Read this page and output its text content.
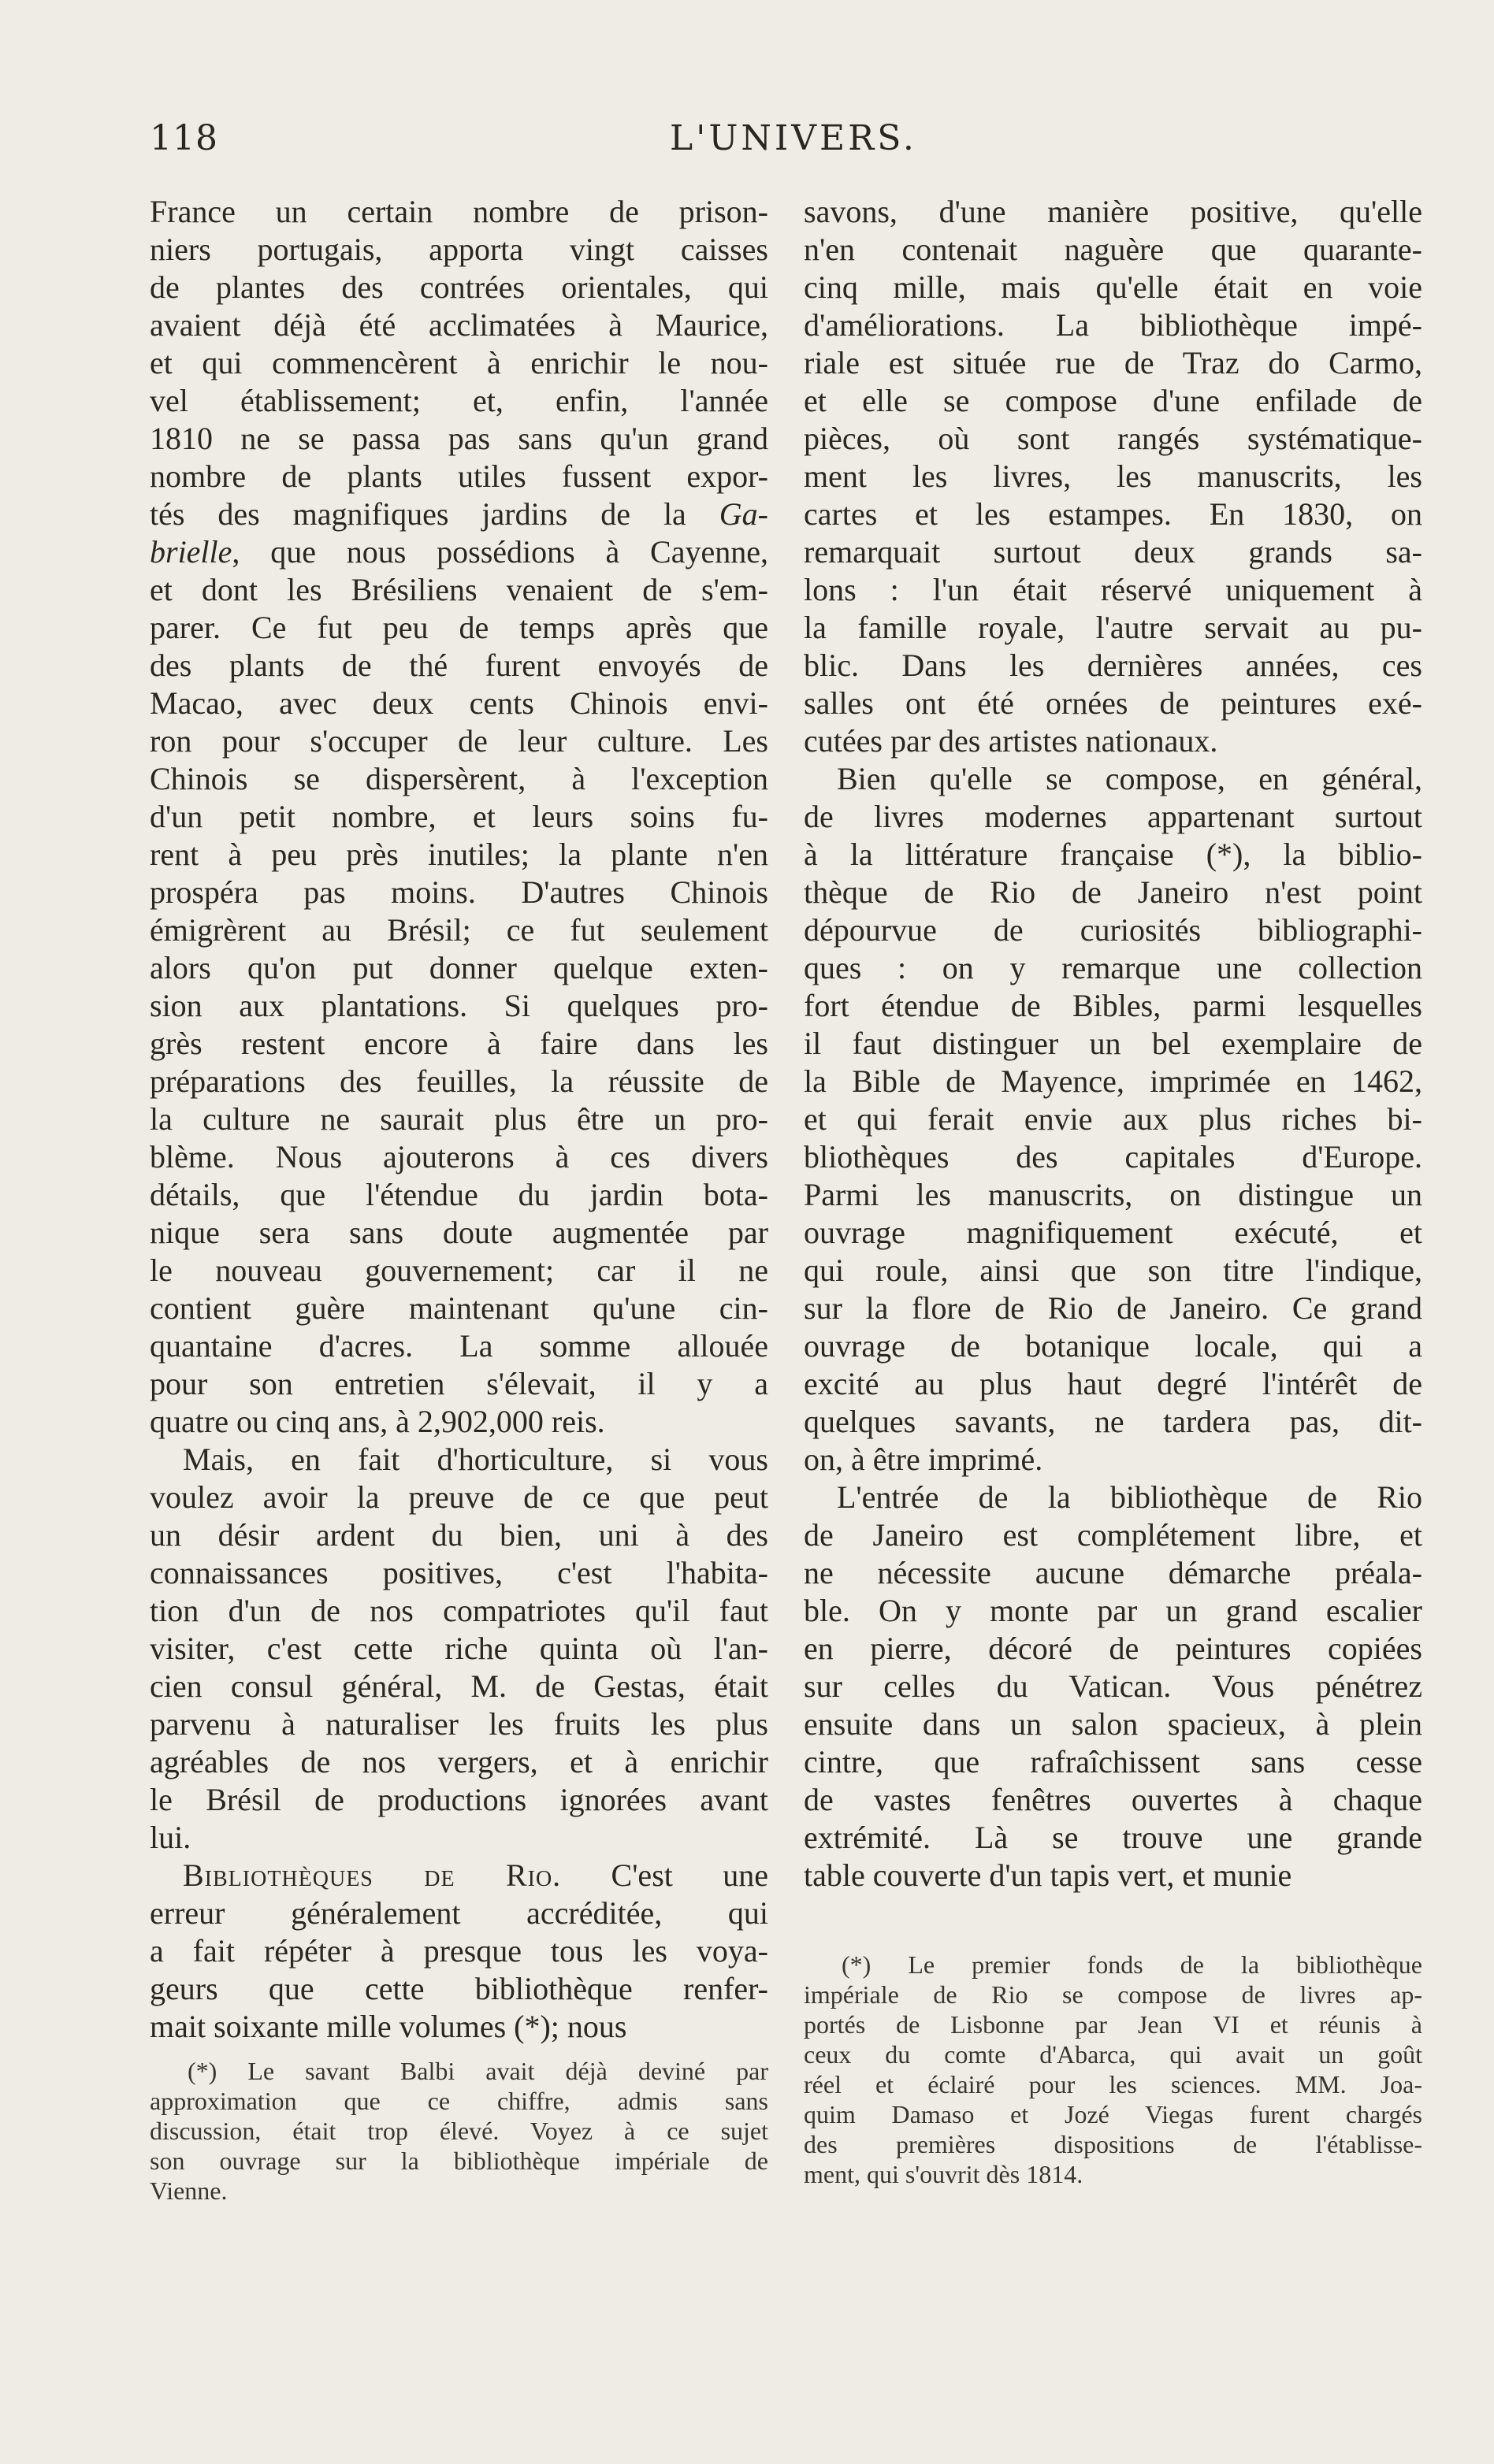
118	L'UNIVERS.
France un certain nombre de prison-
niers portugais, apporta vingt caisses
de plantes des contrées orientales, qui
avaient déjà été acclimatées à Maurice,
et qui commencèrent à enrichir le nou-
vel établissement; et, enfin, l'année
1810 ne se passa pas sans qu'un grand
nombre de plants utiles fussent expor-
tés des magnifiques jardins de la Ga-
brielle, que nous possédions à Cayenne,
et dont les Brésiliens venaient de s'em-
parer. Ce fut peu de temps après que
des plants de thé furent envoyés de
Macao, avec deux cents Chinois envi-
ron pour s'occuper de leur culture. Les
Chinois se dispersèrent, à l'exception
d'un petit nombre, et leurs soins fu-
rent à peu près inutiles; la plante n'en
prospéra pas moins. D'autres Chinois
émigrèrent au Brésil; ce fut seulement
alors qu'on put donner quelque exten-
sion aux plantations. Si quelques pro-
grès restent encore à faire dans les
préparations des feuilles, la réussite de
la culture ne saurait plus être un pro-
blème. Nous ajouterons à ces divers
détails, que l'étendue du jardin bota-
nique sera sans doute augmentée par
le nouveau gouvernement; car il ne
contient guère maintenant qu'une cin-
quantaine d'acres. La somme allouée
pour son entretien s'élevait, il y a
quatre ou cinq ans, à 2,902,000 reis.
Mais, en fait d'horticulture, si vous
voulez avoir la preuve de ce que peut
un désir ardent du bien, uni à des
connaissances positives, c'est l'habita-
tion d'un de nos compatriotes qu'il faut
visiter, c'est cette riche quinta où l'an-
cien consul général, M. de Gestas, était
parvenu à naturaliser les fruits les plus
agréables de nos vergers, et à enrichir
le Brésil de productions ignorées avant
lui.
Bibliothèques de Rio. C'est une
erreur généralement accréditée, qui
a fait répéter à presque tous les voya-
geurs que cette bibliothèque renfer-
mait soixante mille volumes (*); nous
savons, d'une manière positive, qu'elle
n'en contenait naguère que quarante-
cinq mille, mais qu'elle était en voie
d'améliorations. La bibliothèque impé-
riale est située rue de Traz do Carmo,
et elle se compose d'une enfilade de
pièces, où sont rangés systématique-
ment les livres, les manuscrits, les
cartes et les estampes. En 1830, on
remarquait surtout deux grands sa-
lons : l'un était réservé uniquement à
la famille royale, l'autre servait au pu-
blic. Dans les dernières années, ces
salles ont été ornées de peintures exé-
cutées par des artistes nationaux.
Bien qu'elle se compose, en général,
de livres modernes appartenant surtout
à la littérature française (*), la biblio-
thèque de Rio de Janeiro n'est point
dépourvue de curiosités bibliographi-
ques : on y remarque une collection
fort étendue de Bibles, parmi lesquelles
il faut distinguer un bel exemplaire de
la Bible de Mayence, imprimée en 1462,
et qui ferait envie aux plus riches bi-
bliothèques des capitales d'Europe.
Parmi les manuscrits, on distingue un
ouvrage magnifiquement exécuté, et
qui roule, ainsi que son titre l'indique,
sur la flore de Rio de Janeiro. Ce grand
ouvrage de botanique locale, qui a
excité au plus haut degré l'intérêt de
quelques savants, ne tardera pas, dit-
on, à être imprimé.
L'entrée de la bibliothèque de Rio
de Janeiro est complétement libre, et
ne nécessite aucune démarche préala-
ble. On y monte par un grand escalier
en pierre, décoré de peintures copiées
sur celles du Vatican. Vous pénétrez
ensuite dans un salon spacieux, à plein
cintre, que rafraîchissent sans cesse
de vastes fenêtres ouvertes à chaque
extrémité. Là se trouve une grande
table couverte d'un tapis vert, et munie
(*) Le savant Balbi avait déjà deviné par
approximation que ce chiffre, admis sans
discussion, était trop élevé. Voyez à ce sujet
son ouvrage sur la bibliothèque impériale de
Vienne.
(*) Le premier fonds de la bibliothèque
impériale de Rio se compose de livres ap-
portés de Lisbonne par Jean VI et réunis à
ceux du comte d'Abarca, qui avait un goût
réel et éclairé pour les sciences. MM. Joa-
quim Damaso et Jozé Viegas furent chargés
des premières dispositions de l'établisse-
ment, qui s'ouvrit dès 1814.
